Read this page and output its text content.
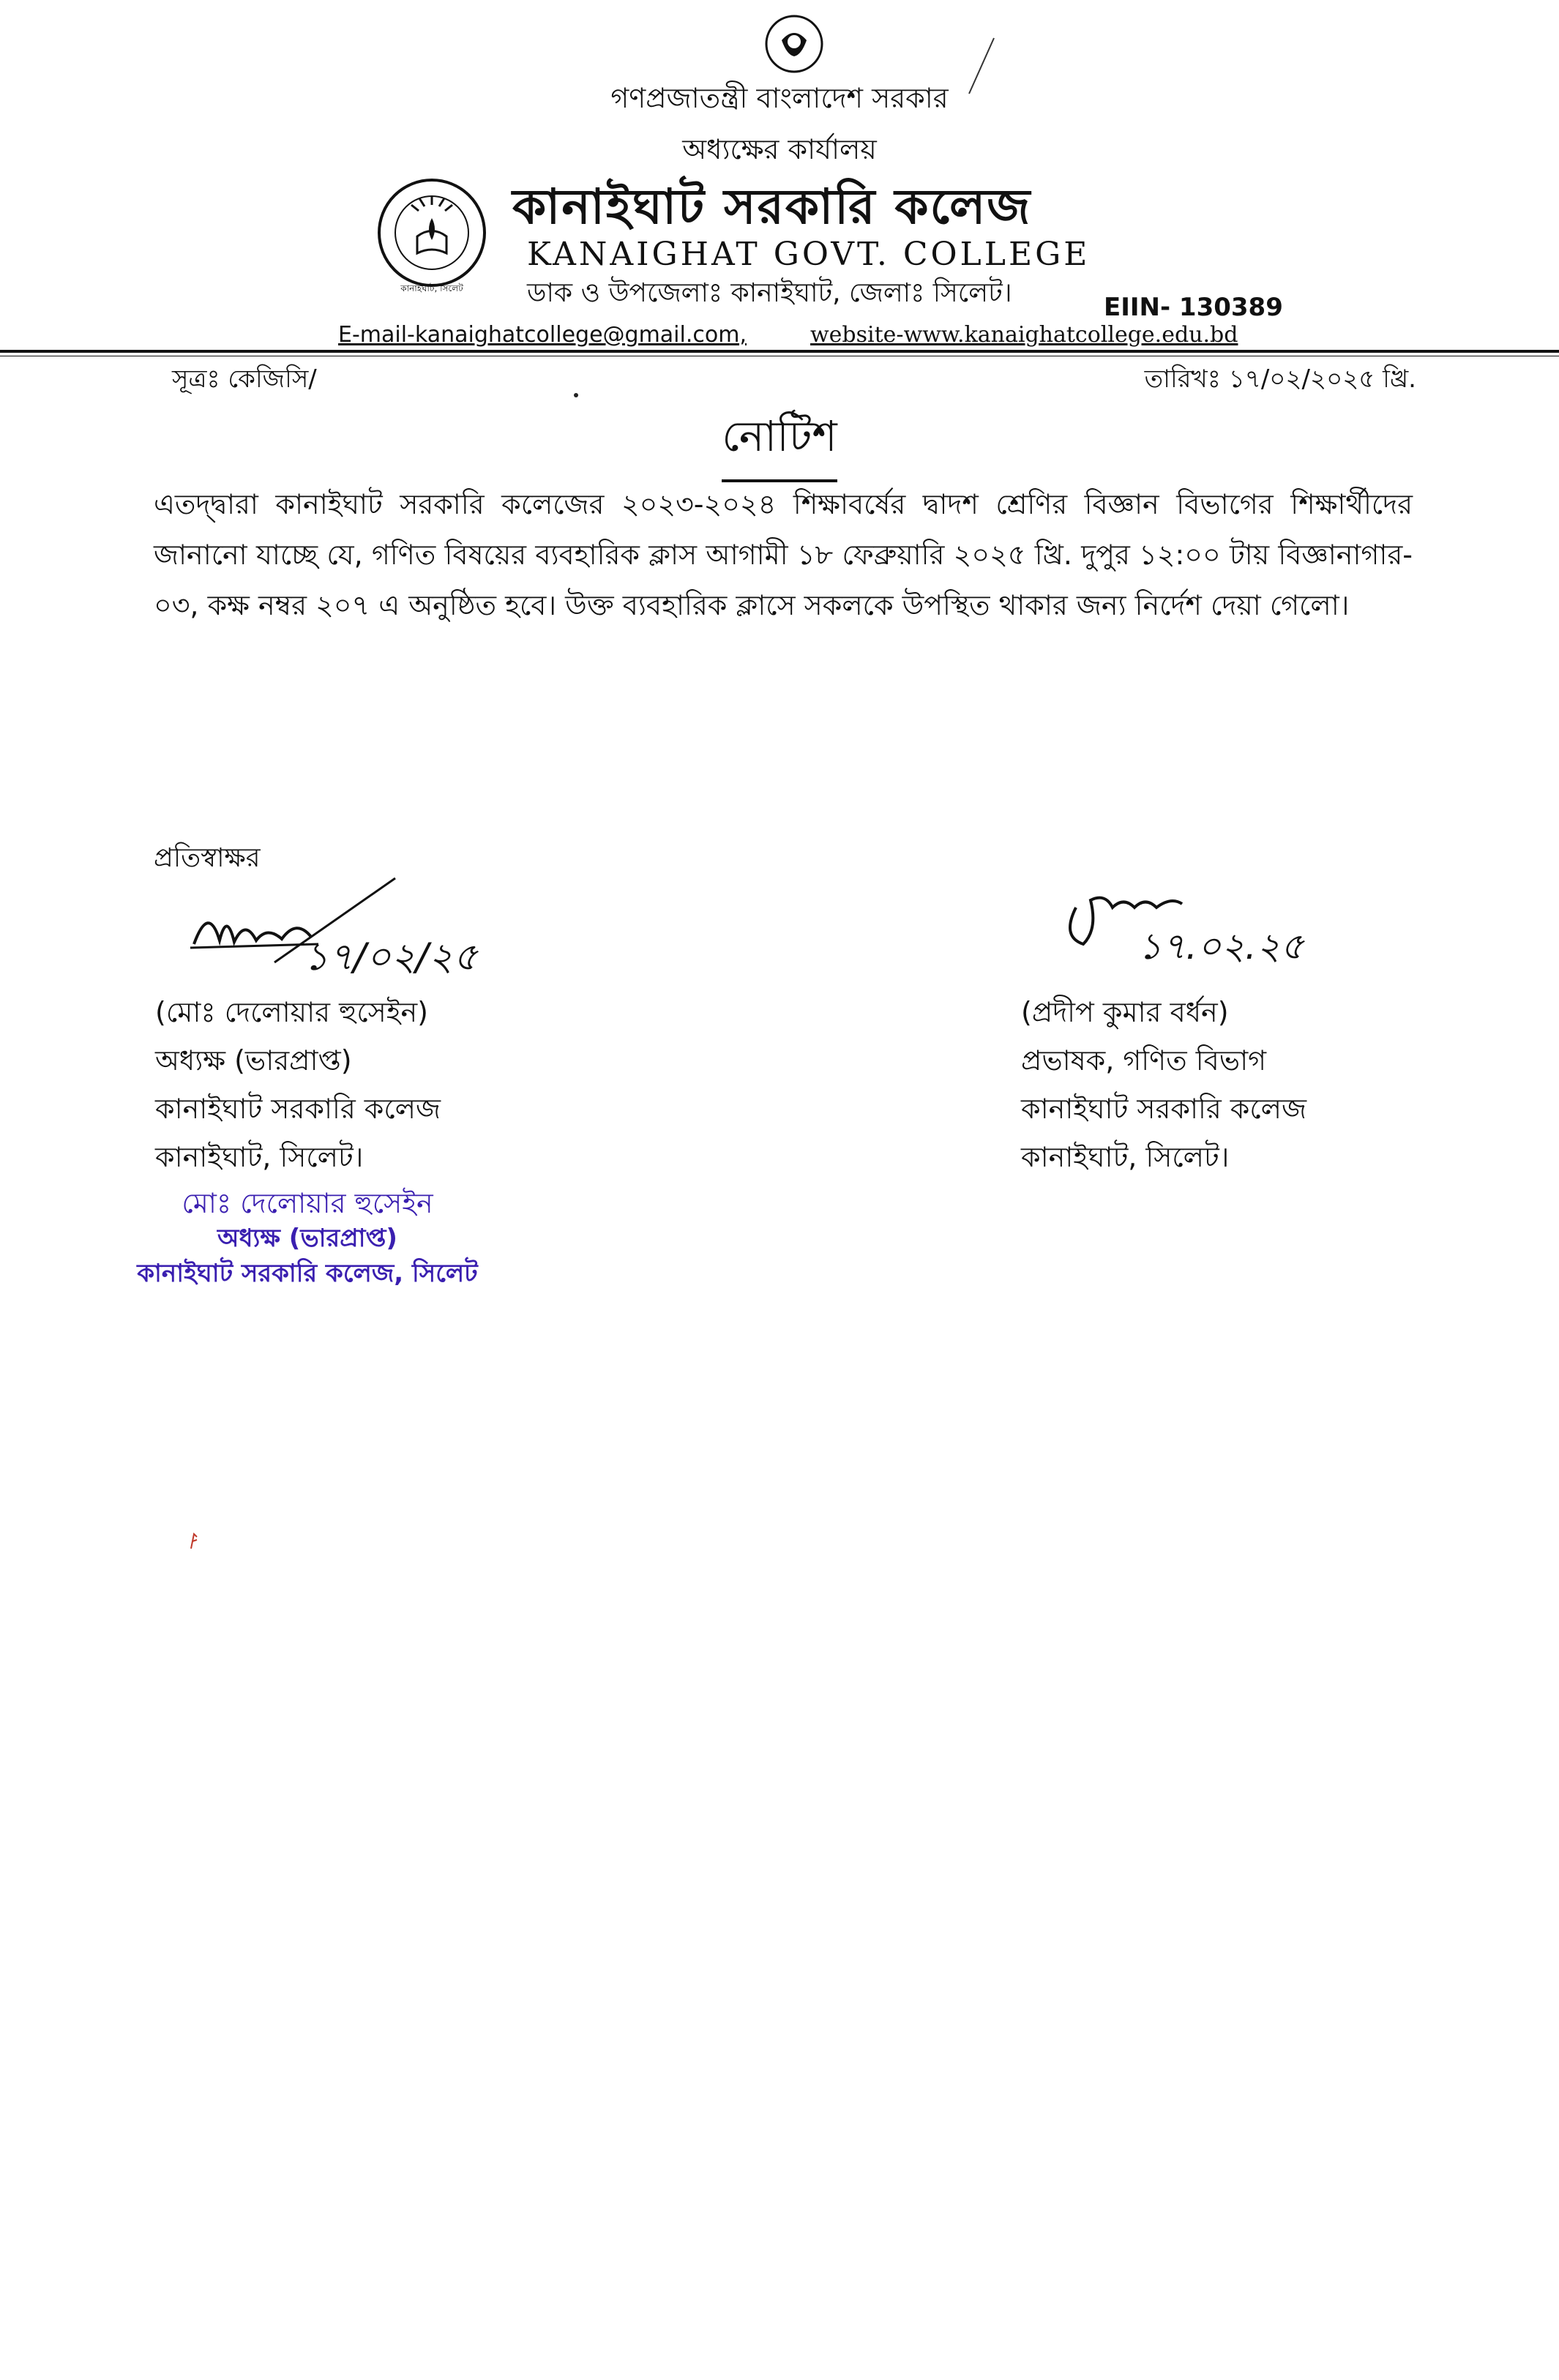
গণপ্রজাতন্ত্রী বাংলাদেশ সরকার
অধ্যক্ষের কার্যালয়
কানাইঘাট, সিলেট
কানাইঘাট সরকারি কলেজ
KANAIGHAT GOVT. COLLEGE
ডাক ও উপজেলাঃ কানাইঘাট, জেলাঃ সিলেট।	EIIN- 130389
E-mail-kanaighatcollege@gmail.com,	website-www.kanaighatcollege.edu.bd
সূত্রঃ কেজিসি/	তারিখঃ ১৭/০২/২০২৫ খ্রি.
নোটিশ
এতদ্দ্বারা কানাইঘাট সরকারি কলেজের ২০২৩-২০২৪ শিক্ষাবর্ষের দ্বাদশ শ্রেণির বিজ্ঞান বিভাগের শিক্ষার্থীদের জানানো যাচ্ছে যে, গণিত বিষয়ের ব্যবহারিক ক্লাস আগামী ১৮ ফেব্রুয়ারি ২০২৫ খ্রি. দুপুর ১২:০০ টায় বিজ্ঞানাগার- ০৩, কক্ষ নম্বর ২০৭ এ অনুষ্ঠিত হবে। উক্ত ব্যবহারিক ক্লাসে সকলকে উপস্থিত থাকার জন্য নির্দেশ দেয়া গেলো।
প্রতিস্বাক্ষর
১৭/০২/২৫	১৭.০২.২৫
(মোঃ দেলোয়ার হুসেইন)
অধ্যক্ষ (ভারপ্রাপ্ত)
কানাইঘাট সরকারি কলেজ
কানাইঘাট, সিলেট।
(প্রদীপ কুমার বর্ধন)
প্রভাষক, গণিত বিভাগ
কানাইঘাট সরকারি কলেজ
কানাইঘাট, সিলেট।
মোঃ দেলোয়ার হুসেইন
অধ্যক্ষ (ভারপ্রাপ্ত)
কানাইঘাট সরকারি কলেজ, সিলেট
